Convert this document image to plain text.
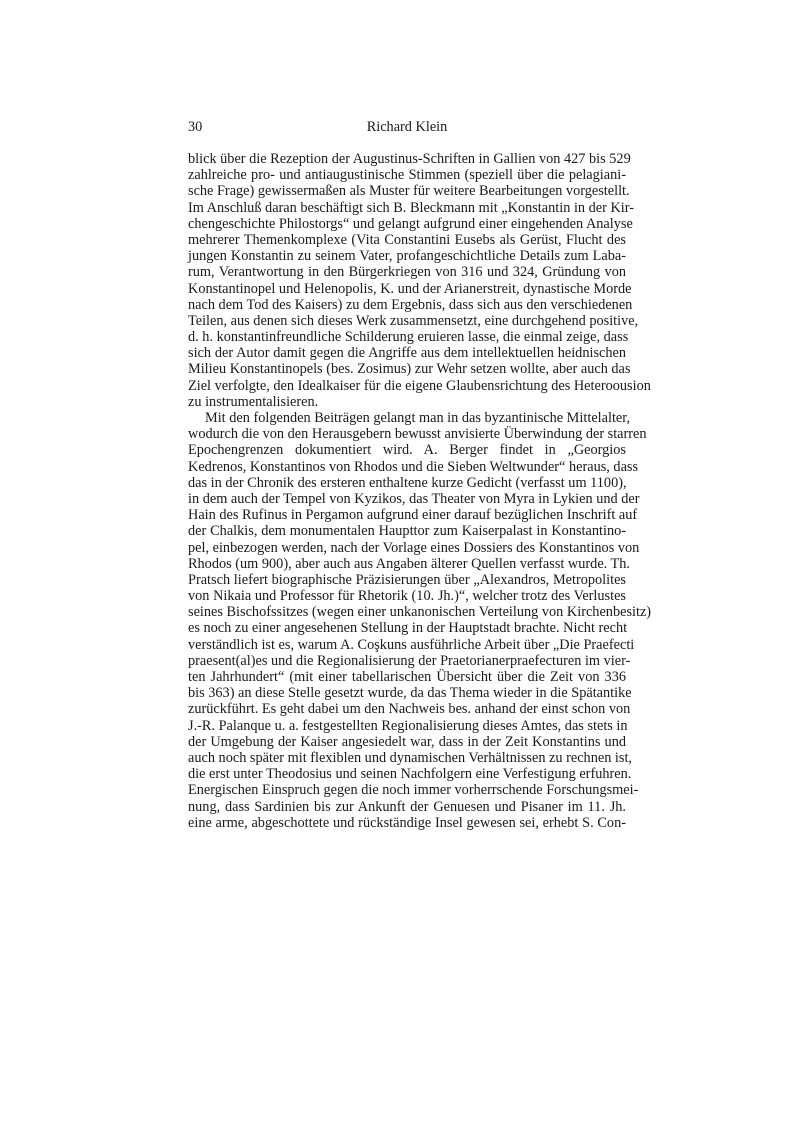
30	Richard Klein
blick über die Rezeption der Augustinus-Schriften in Gallien von 427 bis 529
zahlreiche pro- und antiaugustinische Stimmen (speziell über die pelagiani-
sche Frage) gewissermaßen als Muster für weitere Bearbeitungen vorgestellt.
Im Anschluß daran beschäftigt sich B. Bleckmann mit „Konstantin in der Kir-
chengeschichte Philostorgs“ und gelangt aufgrund einer eingehenden Analyse
mehrerer Themenkomplexe (Vita Constantini Eusebs als Gerüst, Flucht des
jungen Konstantin zu seinem Vater, profangeschichtliche Details zum Laba-
rum, Verantwortung in den Bürgerkriegen von 316 und 324, Gründung von
Konstantinopel und Helenopolis, K. und der Arianerstreit, dynastische Morde
nach dem Tod des Kaisers) zu dem Ergebnis, dass sich aus den verschiedenen
Teilen, aus denen sich dieses Werk zusammensetzt, eine durchgehend positive,
d. h. konstantinfreundliche Schilderung eruieren lasse, die einmal zeige, dass
sich der Autor damit gegen die Angriffe aus dem intellektuellen heidnischen
Milieu Konstantinopels (bes. Zosimus) zur Wehr setzen wollte, aber auch das
Ziel verfolgte, den Idealkaiser für die eigene Glaubensrichtung des Heteroousion
zu instrumentalisieren.
Mit den folgenden Beiträgen gelangt man in das byzantinische Mittelalter,
wodurch die von den Herausgebern bewusst anvisierte Überwindung der starren
Epochengrenzen dokumentiert wird. A. Berger findet in „Georgios
Kedrenos, Konstantinos von Rhodos und die Sieben Weltwunder“ heraus, dass
das in der Chronik des ersteren enthaltene kurze Gedicht (verfasst um 1100),
in dem auch der Tempel von Kyzikos, das Theater von Myra in Lykien und der
Hain des Rufinus in Pergamon aufgrund einer darauf bezüglichen Inschrift auf
der Chalkis, dem monumentalen Haupttor zum Kaiserpalast in Konstantino-
pel, einbezogen werden, nach der Vorlage eines Dossiers des Konstantinos von
Rhodos (um 900), aber auch aus Angaben älterer Quellen verfasst wurde. Th.
Pratsch liefert biographische Präzisierungen über „Alexandros, Metropolites
von Nikaia und Professor für Rhetorik (10. Jh.)“, welcher trotz des Verlustes
seines Bischofssitzes (wegen einer unkanonischen Verteilung von Kirchenbesitz)
es noch zu einer angesehenen Stellung in der Hauptstadt brachte. Nicht recht
verständlich ist es, warum A. Coşkuns ausführliche Arbeit über „Die Praefecti
praesent(al)es und die Regionalisierung der Praetorianerpraefecturen im vier-
ten Jahrhundert“ (mit einer tabellarischen Übersicht über die Zeit von 336
bis 363) an diese Stelle gesetzt wurde, da das Thema wieder in die Spätantike
zurückführt. Es geht dabei um den Nachweis bes. anhand der einst schon von
J.-R. Palanque u. a. festgestellten Regionalisierung dieses Amtes, das stets in
der Umgebung der Kaiser angesiedelt war, dass in der Zeit Konstantins und
auch noch später mit flexiblen und dynamischen Verhältnissen zu rechnen ist,
die erst unter Theodosius und seinen Nachfolgern eine Verfestigung erfuhren.
Energischen Einspruch gegen die noch immer vorherrschende Forschungsmei-
nung, dass Sardinien bis zur Ankunft der Genuesen und Pisaner im 11. Jh.
eine arme, abgeschottete und rückständige Insel gewesen sei, erhebt S. Con-
